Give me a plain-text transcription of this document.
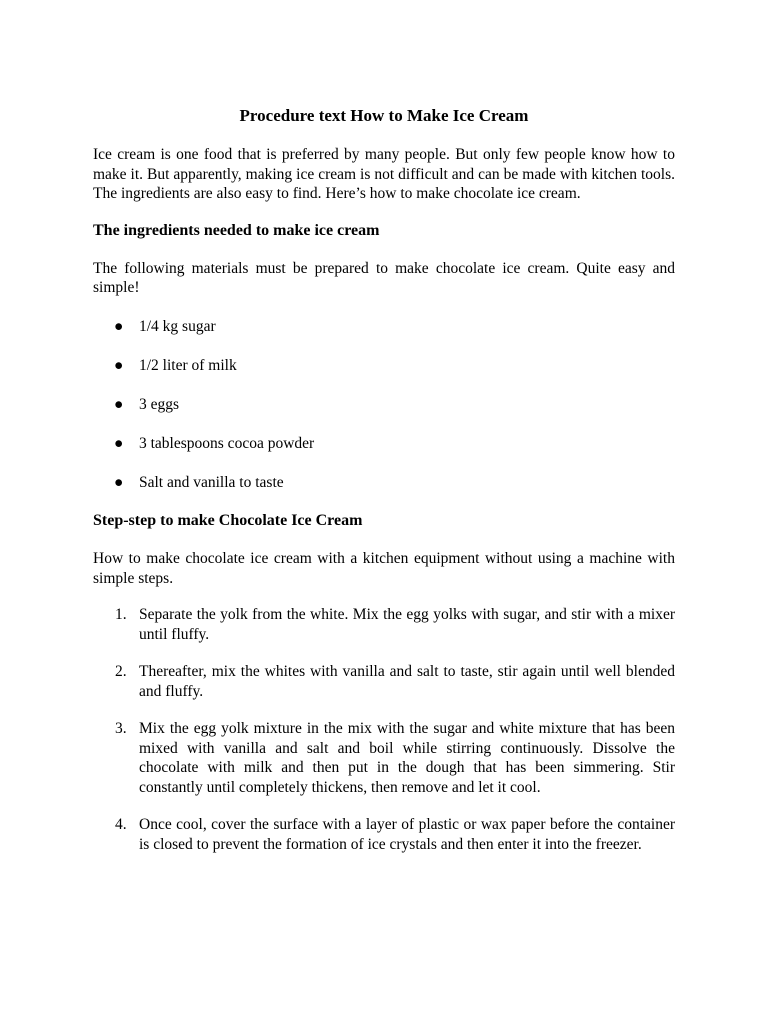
Procedure text How to Make Ice Cream

Ice cream is one food that is preferred by many people. But only few people know how to make it. But apparently, making ice cream is not difficult and can be made with kitchen tools. The ingredients are also easy to find. Here’s how to make chocolate ice cream.

The ingredients needed to make ice cream

The following materials must be prepared to make chocolate ice cream. Quite easy and simple!

● 1/4 kg sugar
● 1/2 liter of milk
● 3 eggs
● 3 tablespoons cocoa powder
● Salt and vanilla to taste
Step-step to make Chocolate Ice Cream

How to make chocolate ice cream with a kitchen equipment without using a machine with simple steps.

1. Separate the yolk from the white. Mix the egg yolks with sugar, and stir with a mixer until fluffy.
2. Thereafter, mix the whites with vanilla and salt to taste, stir again until well blended and fluffy.
3. Mix the egg yolk mixture in the mix with the sugar and white mixture that has been mixed with vanilla and salt and boil while stirring continuously. Dissolve the chocolate with milk and then put in the dough that has been simmering. Stir constantly until completely thickens, then remove and let it cool.
4. Once cool, cover the surface with a layer of plastic or wax paper before the container is closed to prevent the formation of ice crystals and then enter it into the freezer.
